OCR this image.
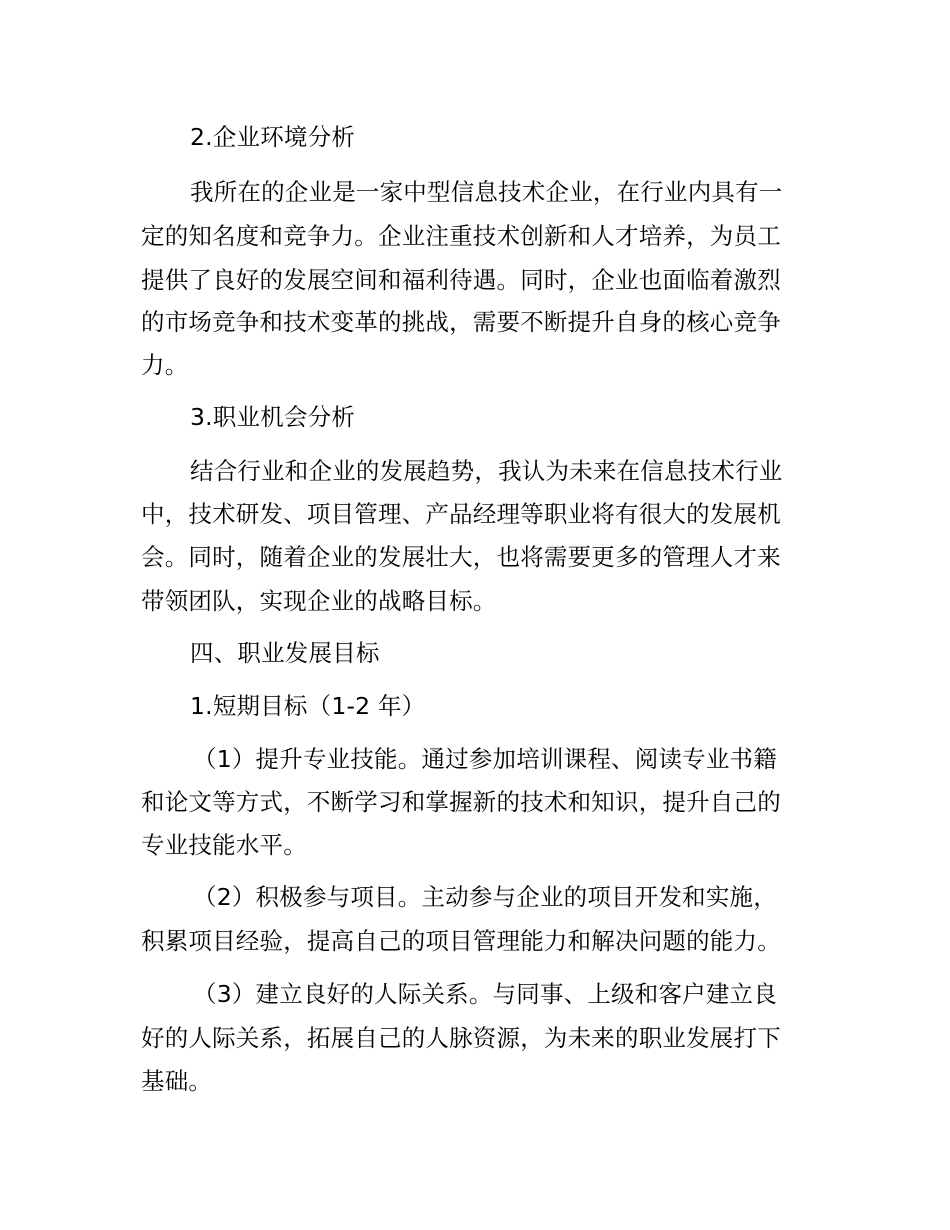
2.企业环境分析
我所在的企业是一家中型信息技术企业，在行业内具有一
定的知名度和竞争力。企业注重技术创新和人才培养，为员工
提供了良好的发展空间和福利待遇。同时，企业也面临着激烈
的市场竞争和技术变革的挑战，需要不断提升自身的核心竞争
力。
3.职业机会分析
结合行业和企业的发展趋势，我认为未来在信息技术行业
中，技术研发、项目管理、产品经理等职业将有很大的发展机
会。同时，随着企业的发展壮大，也将需要更多的管理人才来
带领团队，实现企业的战略目标。
四、职业发展目标
1.短期目标（1-2 年）
（1）提升专业技能。通过参加培训课程、阅读专业书籍
和论文等方式，不断学习和掌握新的技术和知识，提升自己的
专业技能水平。
（2）积极参与项目。主动参与企业的项目开发和实施，
积累项目经验，提高自己的项目管理能力和解决问题的能力。
（3）建立良好的人际关系。与同事、上级和客户建立良
好的人际关系，拓展自己的人脉资源，为未来的职业发展打下
基础。
